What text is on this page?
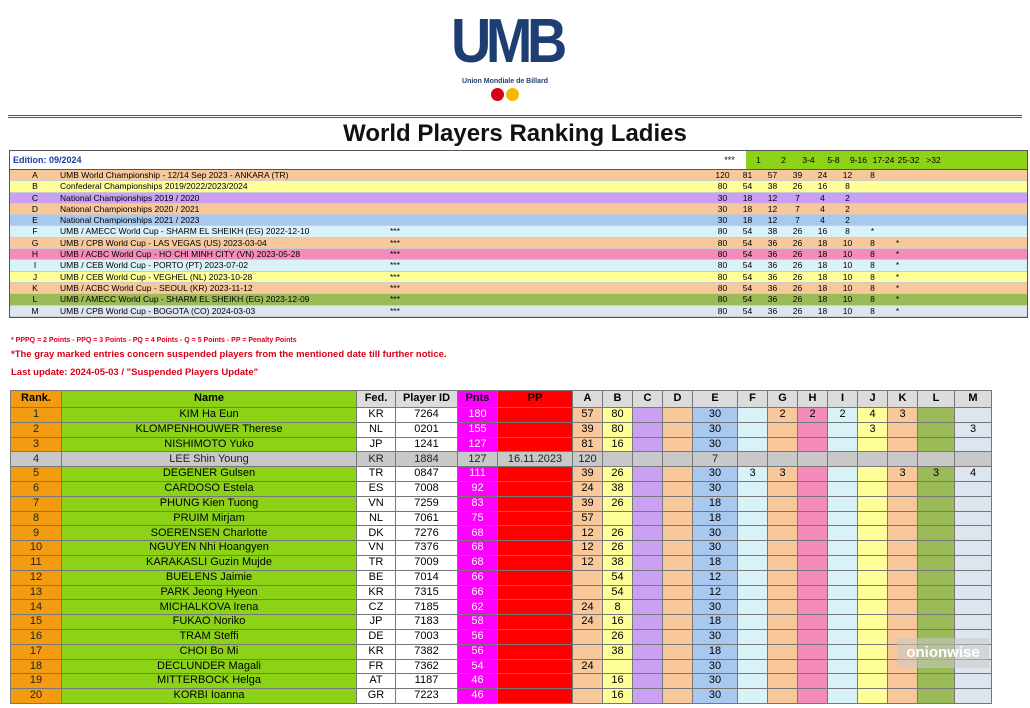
UMB
Union Mondiale de Billard
World Players Ranking Ladies
Edition: 09/2024	***	1	2	3-4	5-8	9-16 17-24 25-32 >32
A	UMB World Championship - 12/14 Sep 2023 - ANKARA (TR)	120	81	57	39	24	12	8
B	Confederal Championships 2019/2022/2023/2024	80	54	38	26	16	8
C	National Championships 2019 / 2020	30	18	12	7	4	2
D	National Championships 2020 / 2021	30	18	12	7	4	2
E	National Championships 2021 / 2023	30	18	12	7	4	2
F	UMB / AMECC World Cup - SHARM EL SHEIKH (EG) 2022-12-10	***	80	54	38	26	16	8	*
G	UMB / CPB World Cup - LAS VEGAS (US) 2023-03-04	***	80	54	36	26	18	10	8	*
H	UMB / ACBC World Cup - HO CHI MINH CITY (VN) 2023-05-28	***	80	54	36	26	18	10	8	*
I	UMB / CEB World Cup - PORTO (PT) 2023-07-02	***	80	54	36	26	18	10	8	*
J	UMB / CEB World Cup - VEGHEL (NL) 2023-10-28	***	80	54	36	26	18	10	8	*
K	UMB / ACBC World Cup - SEOUL (KR) 2023-11-12	***	80	54	36	26	18	10	8	*
L	UMB / AMECC World Cup - SHARM EL SHEIKH (EG) 2023-12-09	***	80	54	36	26	18	10	8	*
M	UMB / CPB World Cup - BOGOTA (CO) 2024-03-03	***	80	54	36	26	18	10	8	*
* PPPQ = 2 Points - PPQ = 3 Points - PQ = 4 Points - Q = 5 Points - PP = Penalty Points
*The gray marked entries concern suspended players from the mentioned date till further notice.
Last update: 2024-05-03 / "Suspended Players Update"
Rank.	Name	Fed.	Player ID	Pnts	PP	A	B	C	D	E	F	G	H	I	J	K	L	M
1	KIM Ha Eun	KR	7264	180		57	80			30		2	2	2	4	3		
2	KLOMPENHOUWER Therese	NL	0201	155		39	80			30					3			3
3	NISHIMOTO Yuko	JP	1241	127		81	16			30								
4	LEE Shin Young	KR	1884	127	16.11.2023	120				7								
5	DEGENER Gulsen	TR	0847	111		39	26			30	3	3				3	3	4
6	CARDOSO Estela	ES	7008	92		24	38			30								
7	PHUNG Kien Tuong	VN	7259	83		39	26			18								
8	PRUIM Mirjam	NL	7061	75		57				18								
9	SOERENSEN Charlotte	DK	7276	68		12	26			30								
10	NGUYEN Nhi Hoangyen	VN	7376	68		12	26			30								
11	KARAKASLI Guzin Mujde	TR	7009	68		12	38			18								
12	BUELENS Jaimie	BE	7014	66			54			12								
13	PARK Jeong Hyeon	KR	7315	66			54			12								
14	MICHALKOVA Irena	CZ	7185	62		24	8			30								
15	FUKAO Noriko	JP	7183	58		24	16			18								
16	TRAM Steffi	DE	7003	56			26			30								
17	CHOI Bo Mi	KR	7382	56			38			18								
18	DECLUNDER Magali	FR	7362	54		24				30								
19	MITTERBOCK Helga	AT	1187	46			16			30								
20	KORBI Ioanna	GR	7223	46			16			30								
onionwise
